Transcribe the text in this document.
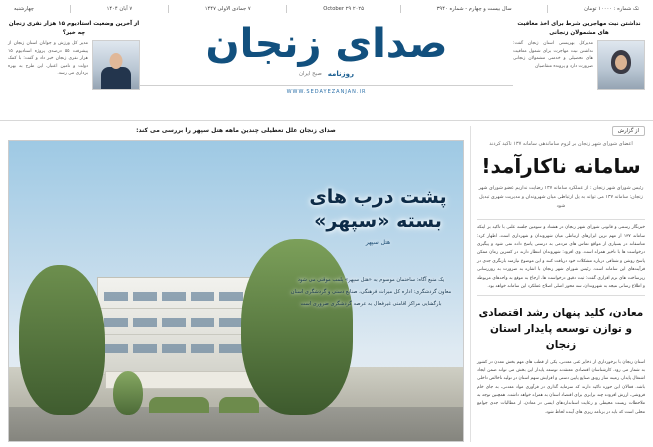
تک شماره : ۱۰۰۰۰ تومان
سال بیست و چهارم - شماره ۳۹۴۰
October ۲۹ ۲۰۲۵
۷ جمادی الاولی ۱۴۴۷
۷ آبان ۱۴۰۴
چهارشنبه
نداشتن نیت مهاجرین شرط برای اخذ معافیت های مشمولان زنجانی
مدیرکل بهزیستی استان زنجان گفت: نداشتن نیت مهاجرت برای شمول معافیت های تحصیلی و خدمتی مشمولان زنجانی ضرورت دارد و پرونده متقاضیان
صدای زنجان
روزنامه
صبح ایران
WWW.SEDAYEZANJAN.IR
از آخرین وضعیت استادیوم ۱۵ هزار نفری زنجان چه خبر؟
مدیر کل ورزش و جوانان استان زنجان از پیشرفت ۵۵ درصدی پروژه استادیوم ۱۵ هزار نفری زنجان خبر داد و گفت: با کمک دولت و تامین اعتبار، این طرح به بهره برداری می رسد.
از گزارش
اعضای شورای شهر زنجان بر لزوم ساماندهی سامانه ۱۳۷ تاکید کردند
سامانه ناکارآمد!
رئیس شورای شهر زنجان : از عملکرد سامانه ۱۳۷ رضایت نداریم عضو شورای شهر زنجان: سامانه ۱۳۷ می تواند به پل ارتباطی میان شهروندان و مدیریت شهری تبدیل شود
خبرنگار رسمی و قانونی شورای شهر زنجان در هشتاد و سومین جلسه علنی با تاکید بر اینکه سامانه ۱۳۷ از مهم ترین ابزارهای ارتباطی میان شهروندان و شهرداری است، اظهار کرد: متاسفانه در بسیاری از مواقع تماس های مردمی به درستی پاسخ داده نمی شود و پیگیری درخواست ها با تاخیر همراه است. وی افزود: شهروندان انتظار دارند در کمترین زمان ممکن پاسخ روشن و شفافی درباره مشکلات خود دریافت کنند و این موضوع نیازمند بازنگری جدی در فرآیندهای این سامانه است. رئیس شورای شهر زنجان با اشاره به ضرورت به روزرسانی زیرساخت های نرم افزاری گفت: ثبت دقیق درخواست ها، ارجاع به موقع به واحدهای مربوطه و اطلاع رسانی نتیجه به شهروندان، سه محور اصلی اصلاح عملکرد این سامانه خواهد بود.
معادن، کلید پنهان رشد اقتصادی و توازن توسعه پایدار استان زنجان
استان زنجان با برخورداری از ذخایر غنی معدنی، یکی از قطب های مهم بخش معدن در کشور به شمار می رود. کارشناسان اقتصادی معتقدند توسعه پایدار این بخش می تواند ضمن ایجاد اشتغال پایدار، زمینه ساز رونق صنایع پایین دستی و افزایش سهم استان در تولید ناخالص داخلی باشد. فعالان این حوزه تاکید دارند که سرمایه گذاری در فرآوری مواد معدنی، به جای خام فروشی، ارزش افزوده چند برابری برای اقتصاد استان به همراه خواهد داشت. همچنین توجه به ملاحظات زیست محیطی و رعایت استانداردهای ایمنی در معادن، از مطالبات جدی جوامع محلی است که باید در برنامه ریزی های آینده لحاظ شود.
صدای زنجان علل تعطیلی چندین ماهه هتل سپهر را بررسی می کند:
پشت درب های
بسته «سپهر»
هتل سپهر
یک منبع آگاه: ساختمان موسوم به «هتل سپهر» پلمب موقتی می شود
معاون گردشگری: اداره کل میراث فرهنگی، صنایع دستی و گردشگری استان
بازگشایی مراکز اقامتی غیرفعال به عرصه گردشگری ضروری است
